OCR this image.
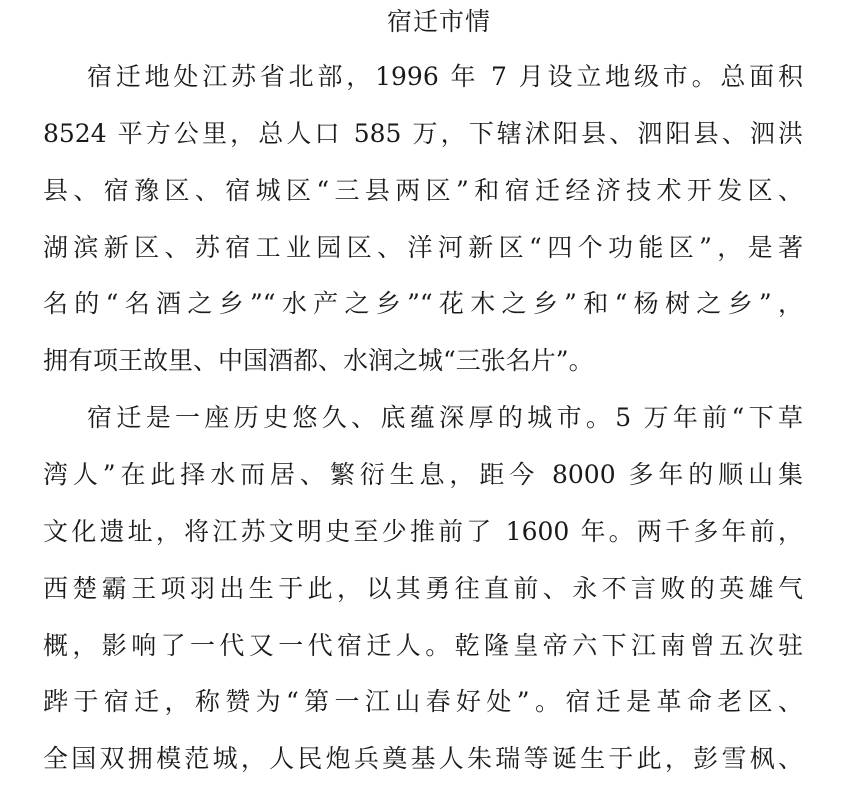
宿迁市情
宿迁地处江苏省北部，1996 年 7 月设立地级市。总面积
8524 平方公里，总人口 585 万，下辖沭阳县、泗阳县、泗洪
县、宿豫区、宿城区“三县两区”和宿迁经济技术开发区、
湖滨新区、苏宿工业园区、洋河新区“四个功能区”，是著
名的“名酒之乡”“水产之乡”“花木之乡”和“杨树之乡”，
拥有项王故里、中国酒都、水润之城“三张名片”。
宿迁是一座历史悠久、底蕴深厚的城市。5 万年前“下草
湾人”在此择水而居、繁衍生息，距今 8000 多年的顺山集
文化遗址，将江苏文明史至少推前了 1600 年。两千多年前，
西楚霸王项羽出生于此，以其勇往直前、永不言败的英雄气
概，影响了一代又一代宿迁人。乾隆皇帝六下江南曾五次驻
跸于宿迁，称赞为“第一江山春好处”。宿迁是革命老区、
全国双拥模范城，人民炮兵奠基人朱瑞等诞生于此，彭雪枫、
